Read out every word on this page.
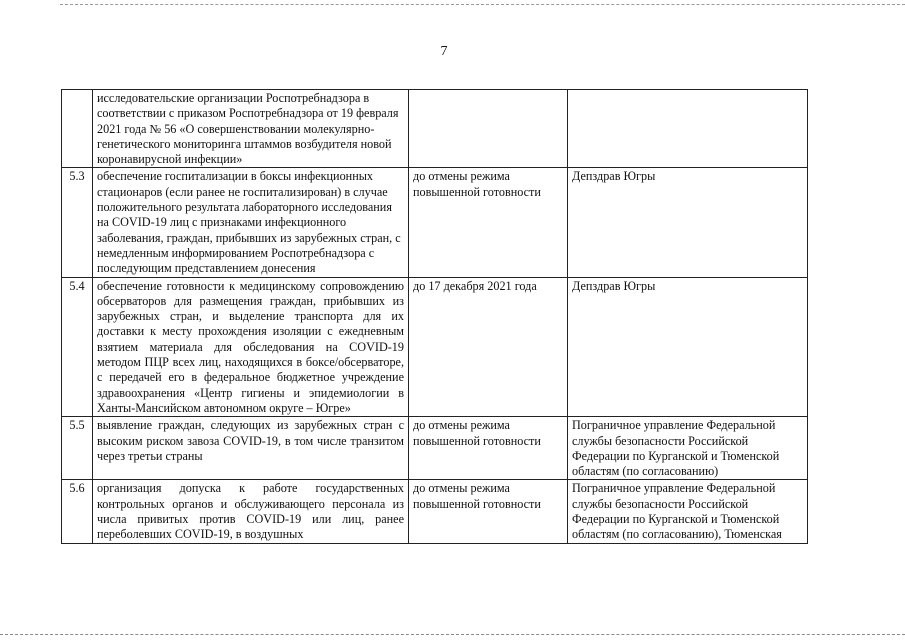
7
	исследовательские организации Роспотребнадзора в соответствии с приказом Роспотребнадзора от 19 февраля 2021 года № 56 «О совершенствовании молекулярно-генетического мониторинга штаммов возбудителя новой коронавирусной инфекции»		
5.3	обеспечение госпитализации в боксы инфекционных стационаров (если ранее не госпитализирован) в случае положительного результата лабораторного исследования на COVID-19 лиц с признаками инфекционного заболевания, граждан, прибывших из зарубежных стран, с немедленным информированием Роспотребнадзора с последующим представлением донесения	до отмены режима повышенной готовности	Депздрав Югры
5.4	обеспечение готовности к медицинскому сопровождению обсерваторов для размещения граждан, прибывших из зарубежных стран, и выделение транспорта для их доставки к месту прохождения изоляции с ежедневным взятием материала для обследования на COVID-19 методом ПЦР всех лиц, находящихся в боксе/обсерваторе, с передачей его в федеральное бюджетное учреждение здравоохранения «Центр гигиены и эпидемиологии в Ханты-Мансийском автономном округе – Югре»	до 17 декабря 2021 года	Депздрав Югры
5.5	выявление граждан, следующих из зарубежных стран с высоким риском завоза COVID-19, в том числе транзитом через третьи страны	до отмены режима повышенной готовности	Пограничное управление Федеральной службы безопасности Российской Федерации по Курганской и Тюменской областям (по согласованию)
5.6	организация допуска к работе государственных контрольных органов и обслуживающего персонала из числа привитых против COVID-19 или лиц, ранее переболевших COVID-19, в воздушных	до отмены режима повышенной готовности	Пограничное управление Федеральной службы безопасности Российской Федерации по Курганской и Тюменской областям (по согласованию), Тюменская
